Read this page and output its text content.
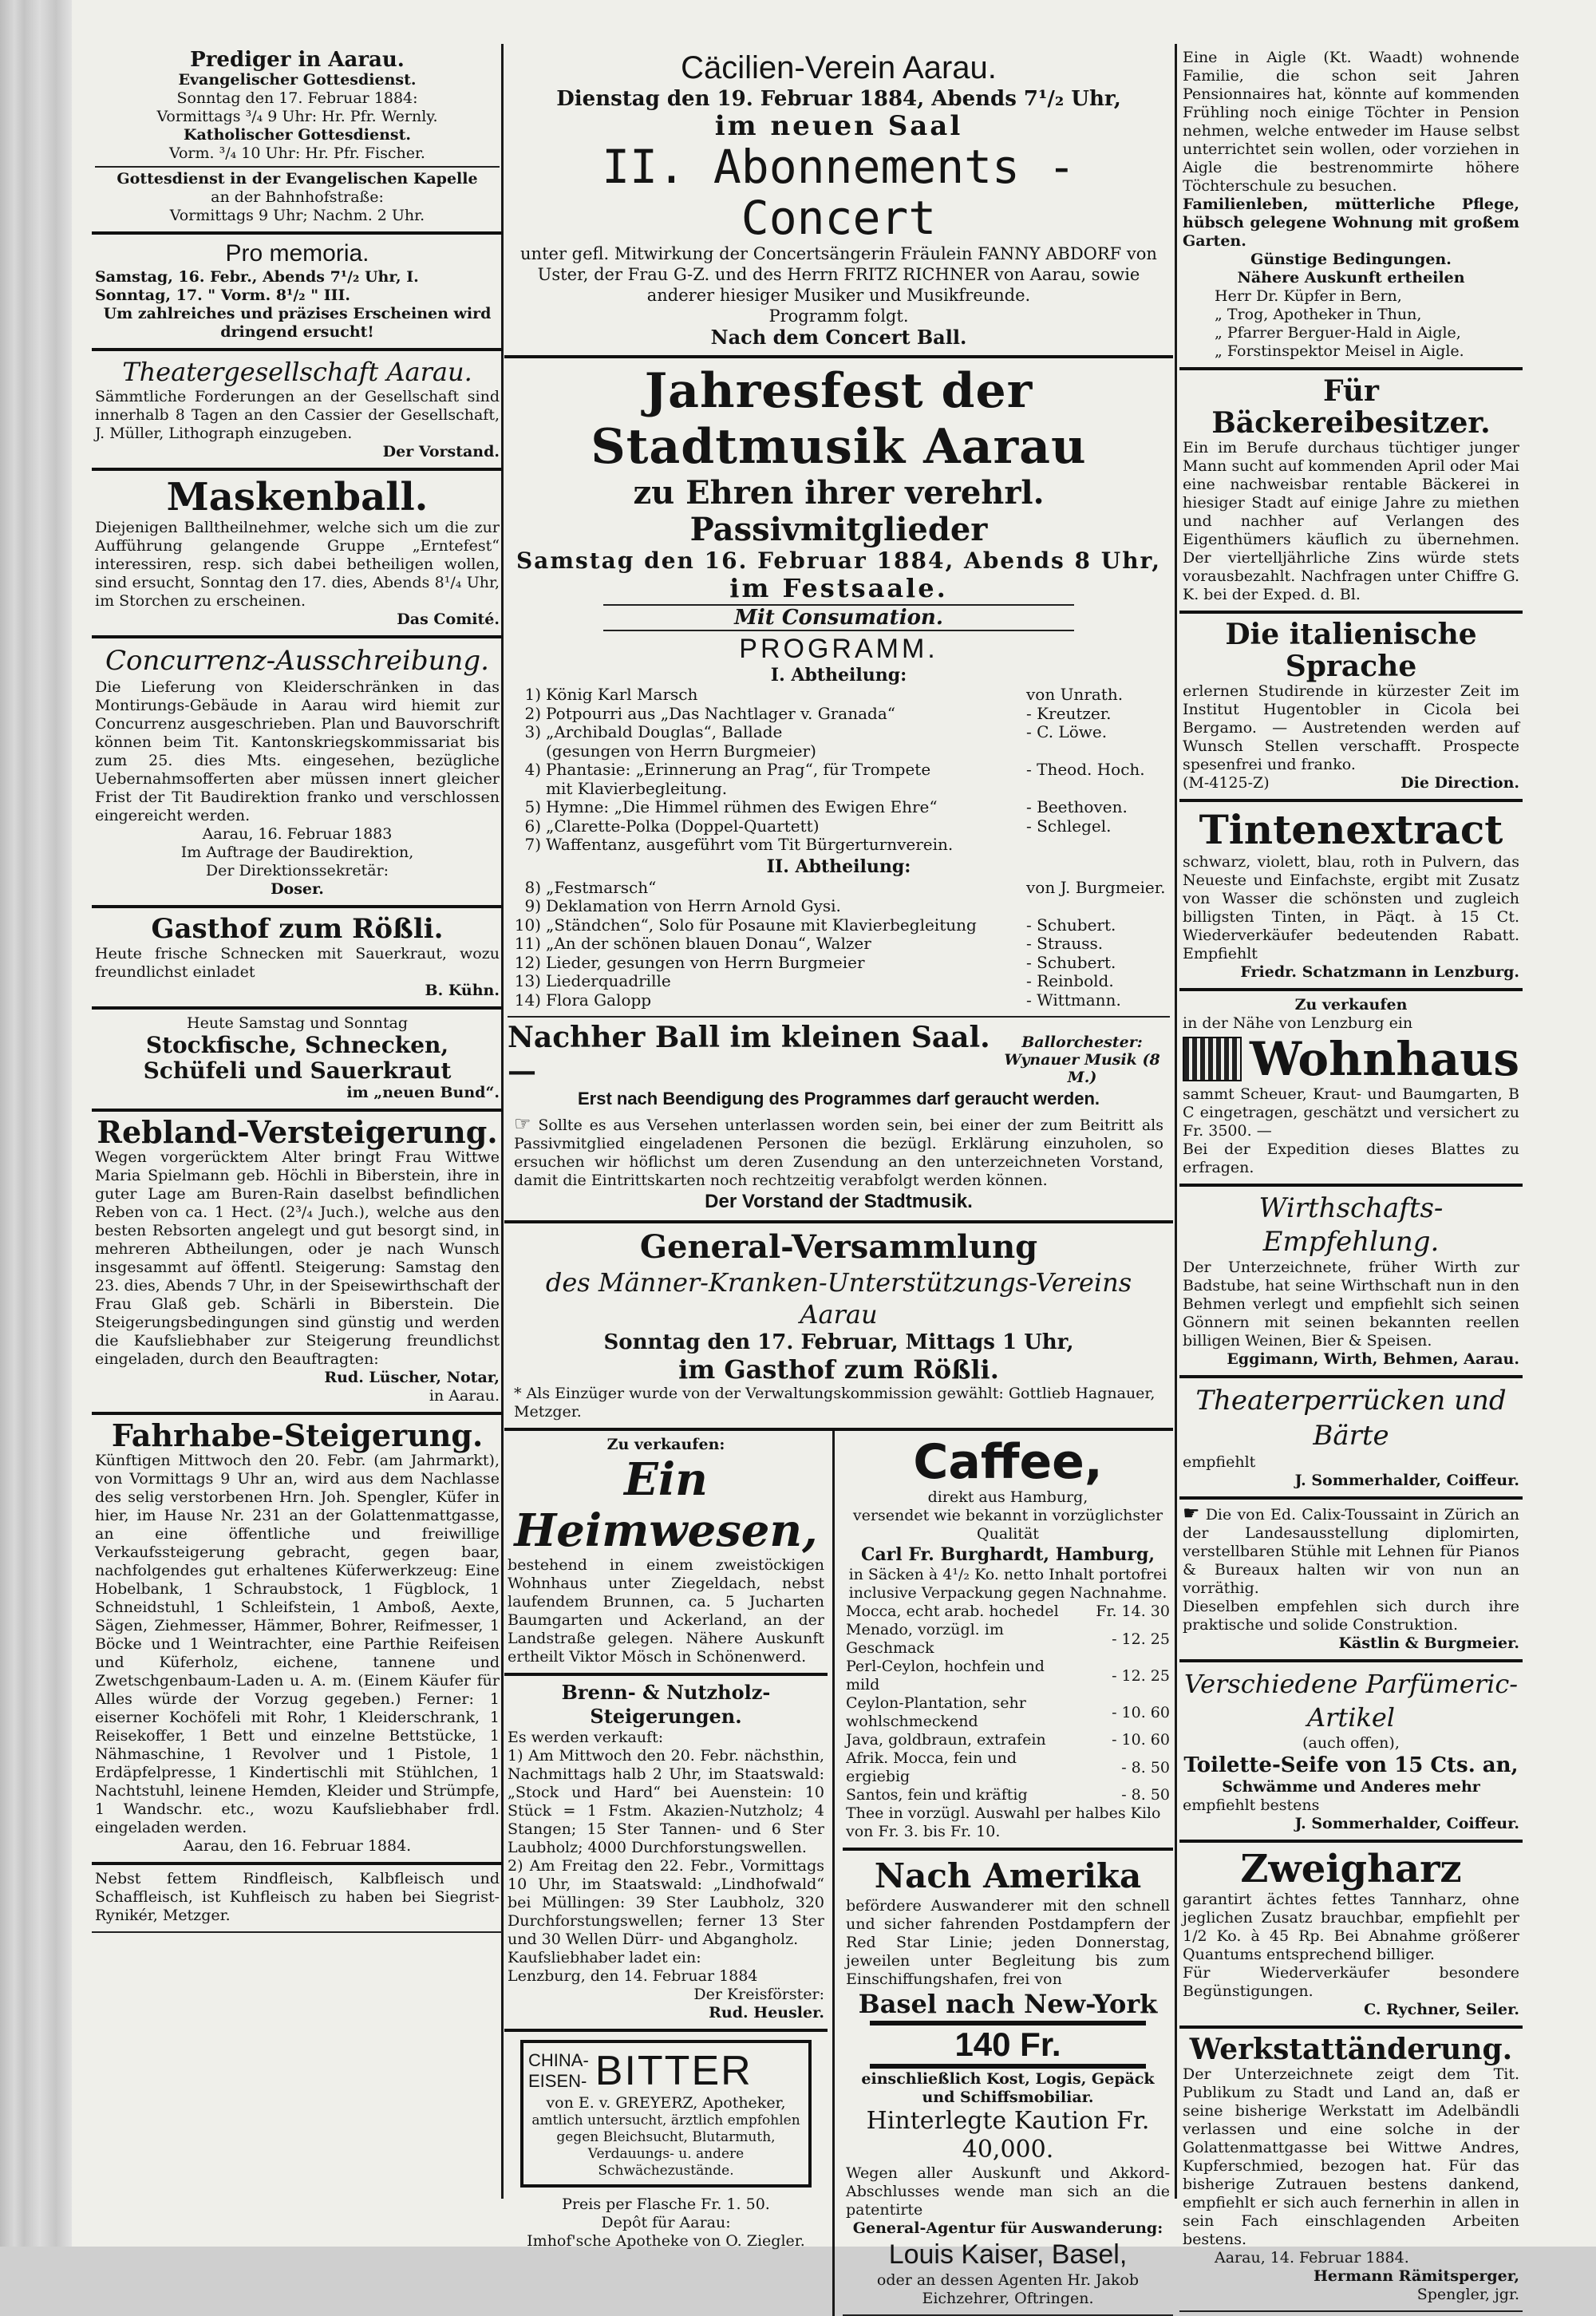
Prediger in Aarau.
Evangelischer Gottesdienst.
Sonntag den 17. Februar 1884:
Vormittags ³/₄ 9 Uhr: Hr. Pfr. Wernly.
Katholischer Gottesdienst.
Vorm. ³/₄ 10 Uhr: Hr. Pfr. Fischer.
Gottesdienst in der Evangelischen Kapelle
an der Bahnhofstraße:
Vormittags 9 Uhr; Nachm. 2 Uhr.
Pro memoria.
Samstag, 16. Febr., Abends 7¹/₂ Uhr, I.
Sonntag, 17. " Vorm. 8¹/₂ " III.
Um zahlreiches und präzises Erscheinen wird dringend ersucht!
Theatergesellschaft Aarau.
Sämmtliche Forderungen an der Gesellschaft sind innerhalb 8 Tagen an den Cassier der Gesellschaft, J. Müller, Lithograph einzugeben.
Der Vorstand.
Maskenball.
Diejenigen Balltheilnehmer, welche sich um die zur Aufführung gelangende Gruppe „Erntefest“ interessiren, resp. sich dabei betheiligen wollen, sind ersucht, Sonntag den 17. dies, Abends 8¹/₄ Uhr, im Storchen zu erscheinen.
Das Comité.
Concurrenz-Ausschreibung.
Die Lieferung von Kleiderschränken in das Montirungs-Gebäude in Aarau wird hiemit zur Concurrenz ausgeschrieben. Plan und Bauvorschrift können beim Tit. Kantonskriegskommissariat bis zum 25. dies Mts. eingesehen, bezügliche Uebernahmsofferten aber müssen innert gleicher Frist der Tit Baudirektion franko und verschlossen eingereicht werden.
Aarau, 16. Februar 1883
Im Auftrage der Baudirektion,
Der Direktionssekretär:
Doser.
Gasthof zum Rößli.
Heute frische Schnecken mit Sauerkraut, wozu freundlichst einladet
B. Kühn.
Heute Samstag und Sonntag
Stockfische, Schnecken,
Schüfeli und Sauerkraut
im „neuen Bund“.
Rebland-Versteigerung.
Wegen vorgerücktem Alter bringt Frau Wittwe Maria Spielmann geb. Höchli in Biberstein, ihre in guter Lage am Buren-Rain daselbst befindlichen Reben von ca. 1 Hect. (2³/₄ Juch.), welche aus den besten Rebsorten angelegt und gut besorgt sind, in mehreren Abtheilungen, oder je nach Wunsch insgesammt auf öffentl. Steigerung: Samstag den 23. dies, Abends 7 Uhr, in der Speisewirthschaft der Frau Glaß geb. Schärli in Biberstein. Die Steigerungsbedingungen sind günstig und werden die Kaufsliebhaber zur Steigerung freundlichst eingeladen, durch den Beauftragten:
Rud. Lüscher, Notar,
in Aarau.
Fahrhabe-Steigerung.
Künftigen Mittwoch den 20. Febr. (am Jahrmarkt), von Vormittags 9 Uhr an, wird aus dem Nachlasse des selig verstorbenen Hrn. Joh. Spengler, Küfer in hier, im Hause Nr. 231 an der Golattenmattgasse, an eine öffentliche und freiwillige Verkaufssteigerung gebracht, gegen baar, nachfolgendes gut erhaltenes Küferwerkzeug: Eine Hobelbank, 1 Schraubstock, 1 Fügblock, 1 Schneidstuhl, 1 Schleifstein, 1 Amboß, Aexte, Sägen, Ziehmesser, Hämmer, Bohrer, Reifmesser, 1 Böcke und 1 Weintrachter, eine Parthie Reifeisen und Küferholz, eichene, tannene und Zwetschgenbaum-Laden u. A. m. (Einem Käufer für Alles würde der Vorzug gegeben.) Ferner: 1 eiserner Kochöfeli mit Rohr, 1 Kleiderschrank, 1 Reisekoffer, 1 Bett und einzelne Bettstücke, 1 Nähmaschine, 1 Revolver und 1 Pistole, 1 Erdäpfelpresse, 1 Kindertischli mit Stühlchen, 1 Nachtstuhl, leinene Hemden, Kleider und Strümpfe, 1 Wandschr. etc., wozu Kaufsliebhaber frdl. eingeladen werden.
Aarau, den 16. Februar 1884.
Nebst fettem Rindfleisch, Kalbfleisch und Schaffleisch, ist Kuhfleisch zu haben bei Siegrist-Rynikér, Metzger.
Cäcilien-Verein Aarau.
Dienstag den 19. Februar 1884, Abends 7¹/₂ Uhr,
im neuen Saal
II. Abonnements - Concert
unter gefl. Mitwirkung der Concertsängerin Fräulein FANNY ABDORF von Uster, der Frau G-Z. und des Herrn FRITZ RICHNER von Aarau, sowie anderer hiesiger Musiker und Musikfreunde.
Programm folgt.
Nach dem Concert Ball.
Jahresfest der Stadtmusik Aarau
zu Ehren ihrer verehrl. Passivmitglieder
Samstag den 16. Februar 1884, Abends 8 Uhr,
im Festsaale.
Mit Consumation.
PROGRAMM.
I. Abtheilung:
1) König Karl Marsch	von Unrath.
2) Potpourri aus „Das Nachtlager v. Granada“	- Kreutzer.
3) „Archibald Douglas“, Ballade	- C. Löwe.
(gesungen von Herrn Burgmeier)
4) Phantasie: „Erinnerung an Prag“, für Trompete	- Theod. Hoch.
mit Klavierbegleitung.
5) Hymne: „Die Himmel rühmen des Ewigen Ehre“	- Beethoven.
6) „Clarette-Polka (Doppel-Quartett)	- Schlegel.
7) Waffentanz, ausgeführt vom Tit Bürgerturnverein.
II. Abtheilung:
8) „Festmarsch“	von J. Burgmeier.
9) Deklamation von Herrn Arnold Gysi.
10) „Ständchen“, Solo für Posaune mit Klavierbegleitung	- Schubert.
11) „An der schönen blauen Donau“, Walzer	- Strauss.
12) Lieder, gesungen von Herrn Burgmeier	- Schubert.
13) Liederquadrille	- Reinbold.
14) Flora Galopp	- Wittmann.
Nachher Ball im kleinen Saal. —
Ballorchester:
Wynauer Musik (8 M.)
Erst nach Beendigung des Programmes darf geraucht werden.
☞ Sollte es aus Versehen unterlassen worden sein, bei einer der zum Beitritt als Passivmitglied eingeladenen Personen die bezügl. Erklärung einzuholen, so ersuchen wir höflichst um deren Zusendung an den unterzeichneten Vorstand, damit die Eintrittskarten noch rechtzeitig verabfolgt werden können.
Der Vorstand der Stadtmusik.
General-Versammlung
des Männer-Kranken-Unterstützungs-Vereins Aarau
Sonntag den 17. Februar, Mittags 1 Uhr,
im Gasthof zum Rößli.
* Als Einzüger wurde von der Verwaltungskommission gewählt: Gottlieb Hagnauer, Metzger.
Zu verkaufen:
Ein Heimwesen,
bestehend in einem zweistöckigen Wohnhaus unter Ziegeldach, nebst laufendem Brunnen, ca. 5 Jucharten Baumgarten und Ackerland, an der Landstraße gelegen. Nähere Auskunft ertheilt Viktor Mösch in Schönenwerd.
Brenn- & Nutzholz-Steigerungen.
Es werden verkauft:
1) Am Mittwoch den 20. Febr. nächsthin, Nachmittags halb 2 Uhr, im Staatswald: „Stock und Hard“ bei Auenstein: 10 Stück = 1 Fstm. Akazien-Nutzholz; 4 Stangen; 15 Ster Tannen- und 6 Ster Laubholz; 4000 Durchforstungswellen.
2) Am Freitag den 22. Febr., Vormittags 10 Uhr, im Staatswald: „Lindhofwald“ bei Müllingen: 39 Ster Laubholz, 320 Durchforstungswellen; ferner 13 Ster und 30 Wellen Dürr- und Abgangholz.
Kaufsliebhaber ladet ein:
Lenzburg, den 14. Februar 1884
Der Kreisförster:
Rud. Heusler.
CHINA-
EISEN- BITTER
von E. v. GREYERZ, Apotheker,
amtlich untersucht, ärztlich empfohlen
gegen Bleichsucht, Blutarmuth, Verdauungs- u. andere Schwächezustände.
Preis per Flasche Fr. 1. 50.
Depôt für Aarau:
Imhof'sche Apotheke von O. Ziegler.
Caffee,
direkt aus Hamburg,
versendet wie bekannt in vorzüglichster Qualität
Carl Fr. Burghardt, Hamburg,
in Säcken à 4¹/₂ Ko. netto Inhalt portofrei inclusive Verpackung gegen Nachnahme.
Mocca, echt arab. hochedel	Fr. 14. 30
Menado, vorzügl. im Geschmack	- 12. 25
Perl-Ceylon, hochfein und mild	- 12. 25
Ceylon-Plantation, sehr wohlschmeckend	- 10. 60
Java, goldbraun, extrafein	- 10. 60
Afrik. Mocca, fein und ergiebig	- 8. 50
Santos, fein und kräftig	- 8. 50
Thee in vorzügl. Auswahl per halbes Kilo von Fr. 3. bis Fr. 10.
Nach Amerika
befördere Auswanderer mit den schnell und sicher fahrenden Postdampfern der Red Star Linie; jeden Donnerstag, jeweilen unter Begleitung bis zum Einschiffungshafen, frei von
Basel nach New-York
140 Fr.
einschließlich Kost, Logis, Gepäck und Schiffsmobiliar.
Hinterlegte Kaution Fr. 40,000.
Wegen aller Auskunft und Akkord-Abschlusses wende man sich an die patentirte
General-Agentur für Auswanderung:
Louis Kaiser, Basel,
oder an dessen Agenten Hr. Jakob Eichzehrer, Oftringen.
Eine in Aigle (Kt. Waadt) wohnende Familie, die schon seit Jahren Pensionnaires hat, könnte auf kommenden Frühling noch einige Töchter in Pension nehmen, welche entweder im Hause selbst unterrichtet sein wollen, oder vorziehen in Aigle die bestrenommirte höhere Töchterschule zu besuchen.
Familienleben, mütterliche Pflege, hübsch gelegene Wohnung mit großem Garten.
Günstige Bedingungen.
Nähere Auskunft ertheilen
Herr Dr. Küpfer in Bern,
„ Trog, Apotheker in Thun,
„ Pfarrer Berguer-Hald in Aigle,
„ Forstinspektor Meisel in Aigle.
Für Bäckereibesitzer.
Ein im Berufe durchaus tüchtiger junger Mann sucht auf kommenden April oder Mai eine nachweisbar rentable Bäckerei in hiesiger Stadt auf einige Jahre zu miethen und nachher auf Verlangen des Eigenthümers käuflich zu übernehmen. Der viertelljährliche Zins würde stets vorausbezahlt. Nachfragen unter Chiffre G. K. bei der Exped. d. Bl.
Die italienische Sprache
erlernen Studirende in kürzester Zeit im Institut Hugentobler in Cicola bei Bergamo. — Austretenden werden auf Wunsch Stellen verschafft. Prospecte spesenfrei und franko.
(M-4125-Z)	Die Direction.
Tintenextract
schwarz, violett, blau, roth in Pulvern, das Neueste und Einfachste, ergibt mit Zusatz von Wasser die schönsten und zugleich billigsten Tinten, in Päqt. à 15 Ct. Wiederverkäufer bedeutenden Rabatt. Empfiehlt
Friedr. Schatzmann in Lenzburg.
Zu verkaufen
in der Nähe von Lenzburg ein
Wohnhaus
sammt Scheuer, Kraut- und Baumgarten, B C eingetragen, geschätzt und versichert zu Fr. 3500. —
Bei der Expedition dieses Blattes zu erfragen.
Wirthschafts-Empfehlung.
Der Unterzeichnete, früher Wirth zur Badstube, hat seine Wirthschaft nun in den Behmen verlegt und empfiehlt sich seinen Gönnern mit seinen bekannten reellen billigen Weinen, Bier & Speisen.
Eggimann, Wirth, Behmen, Aarau.
Theaterperrücken und Bärte
empfiehlt
J. Sommerhalder, Coiffeur.
☛ Die von Ed. Calix-Toussaint in Zürich an der Landesausstellung diplomirten, verstellbaren Stühle mit Lehnen für Pianos & Bureaux halten wir von nun an vorräthig.
Dieselben empfehlen sich durch ihre praktische und solide Construktion.
Kästlin & Burgmeier.
Verschiedene Parfümeric-Artikel
(auch offen),
Toilette-Seife von 15 Cts. an,
Schwämme und Anderes mehr
empfiehlt bestens
J. Sommerhalder, Coiffeur.
Zweigharz
garantirt ächtes fettes Tannharz, ohne jeglichen Zusatz brauchbar, empfiehlt per 1/2 Ko. à 45 Rp. Bei Abnahme größerer Quantums entsprechend billiger.
Für Wiederverkäufer besondere Begünstigungen.
C. Rychner, Seiler.
Werkstattänderung.
Der Unterzeichnete zeigt dem Tit. Publikum zu Stadt und Land an, daß er seine bisherige Werkstatt im Adelbändli verlassen und eine solche in der Golattenmattgasse bei Wittwe Andres, Kupferschmied, bezogen hat. Für das bisherige Zutrauen bestens dankend, empfiehlt er sich auch fernerhin in allen in sein Fach einschlagenden Arbeiten bestens.
Aarau, 14. Februar 1884.
Hermann Rämitsperger,
Spengler, jgr.
